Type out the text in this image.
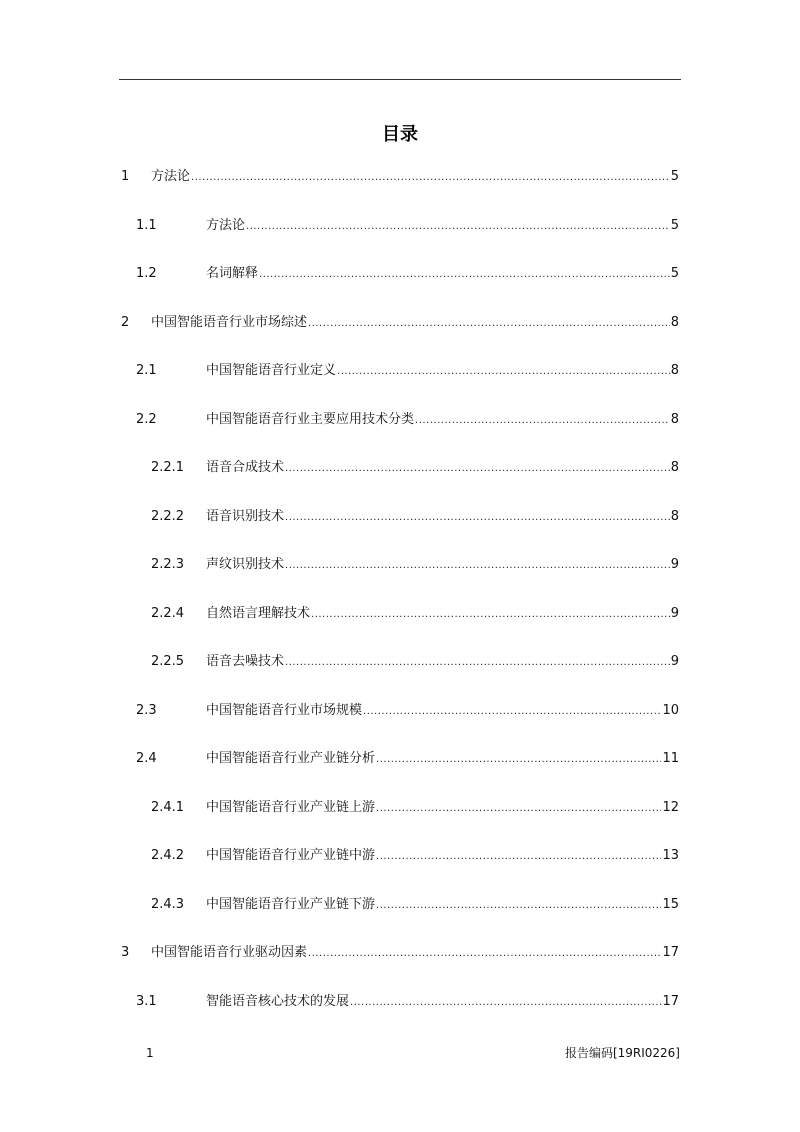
目录
1 方法论 .....	5
1.1	方法论 .....	5
1.2	名词解释 .....	5
2 中国智能语音行业市场综述 .....	8
2.1	中国智能语音行业定义 .....	8
2.2	中国智能语音行业主要应用技术分类 .....	8
2.2.1 语音合成技术 .....	8
2.2.2 语音识别技术 .....	8
2.2.3 声纹识别技术 .....	9
2.2.4 自然语言理解技术 .....	9
2.2.5 语音去噪技术 .....	9
2.3	中国智能语音行业市场规模 .....	10
2.4	中国智能语音行业产业链分析 .....	11
2.4.1 中国智能语音行业产业链上游 .....	12
2.4.2 中国智能语音行业产业链中游 .....	13
2.4.3 中国智能语音行业产业链下游 .....	15
3 中国智能语音行业驱动因素 .....	17
3.1	智能语音核心技术的发展 .....	17
1	报告编码[19RI0226]
